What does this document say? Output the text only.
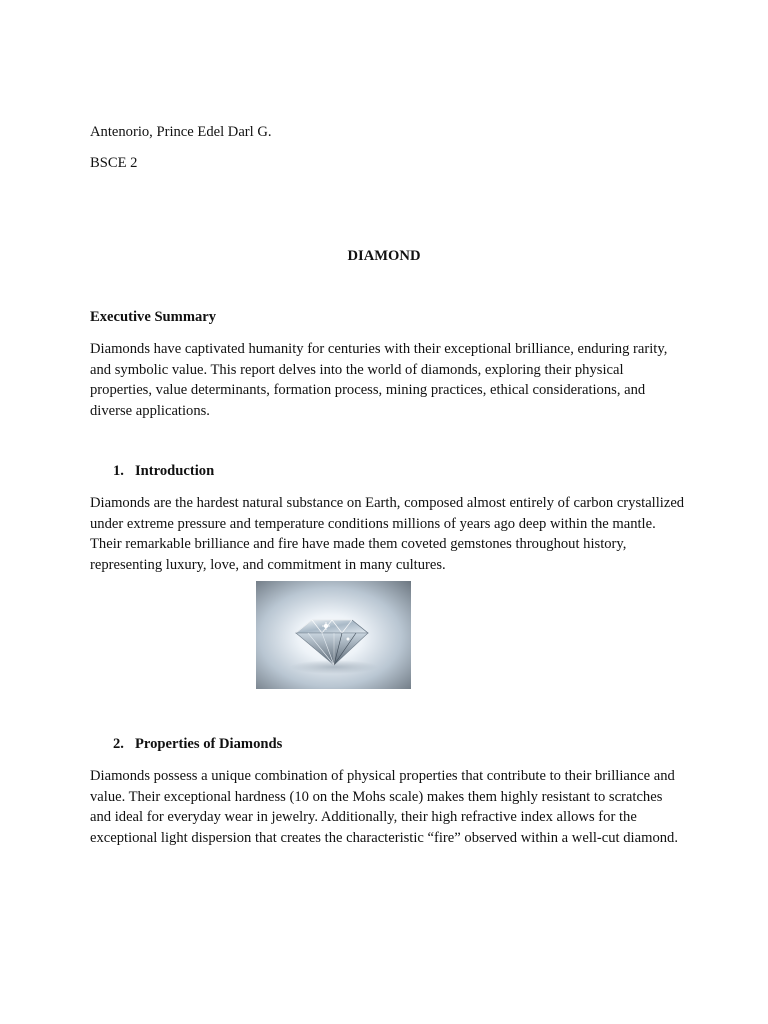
Antenorio, Prince Edel Darl G.
BSCE 2
DIAMOND
Executive Summary
Diamonds have captivated humanity for centuries with their exceptional brilliance, enduring rarity, and symbolic value. This report delves into the world of diamonds, exploring their physical properties, value determinants, formation process, mining practices, ethical considerations, and diverse applications.
1. Introduction
Diamonds are the hardest natural substance on Earth, composed almost entirely of carbon crystallized under extreme pressure and temperature conditions millions of years ago deep within the mantle. Their remarkable brilliance and fire have made them coveted gemstones throughout history, representing luxury, love, and commitment in many cultures.
2. Properties of Diamonds
Diamonds possess a unique combination of physical properties that contribute to their brilliance and value. Their exceptional hardness (10 on the Mohs scale) makes them highly resistant to scratches and ideal for everyday wear in jewelry. Additionally, their high refractive index allows for the exceptional light dispersion that creates the characteristic “fire” observed within a well-cut diamond.
